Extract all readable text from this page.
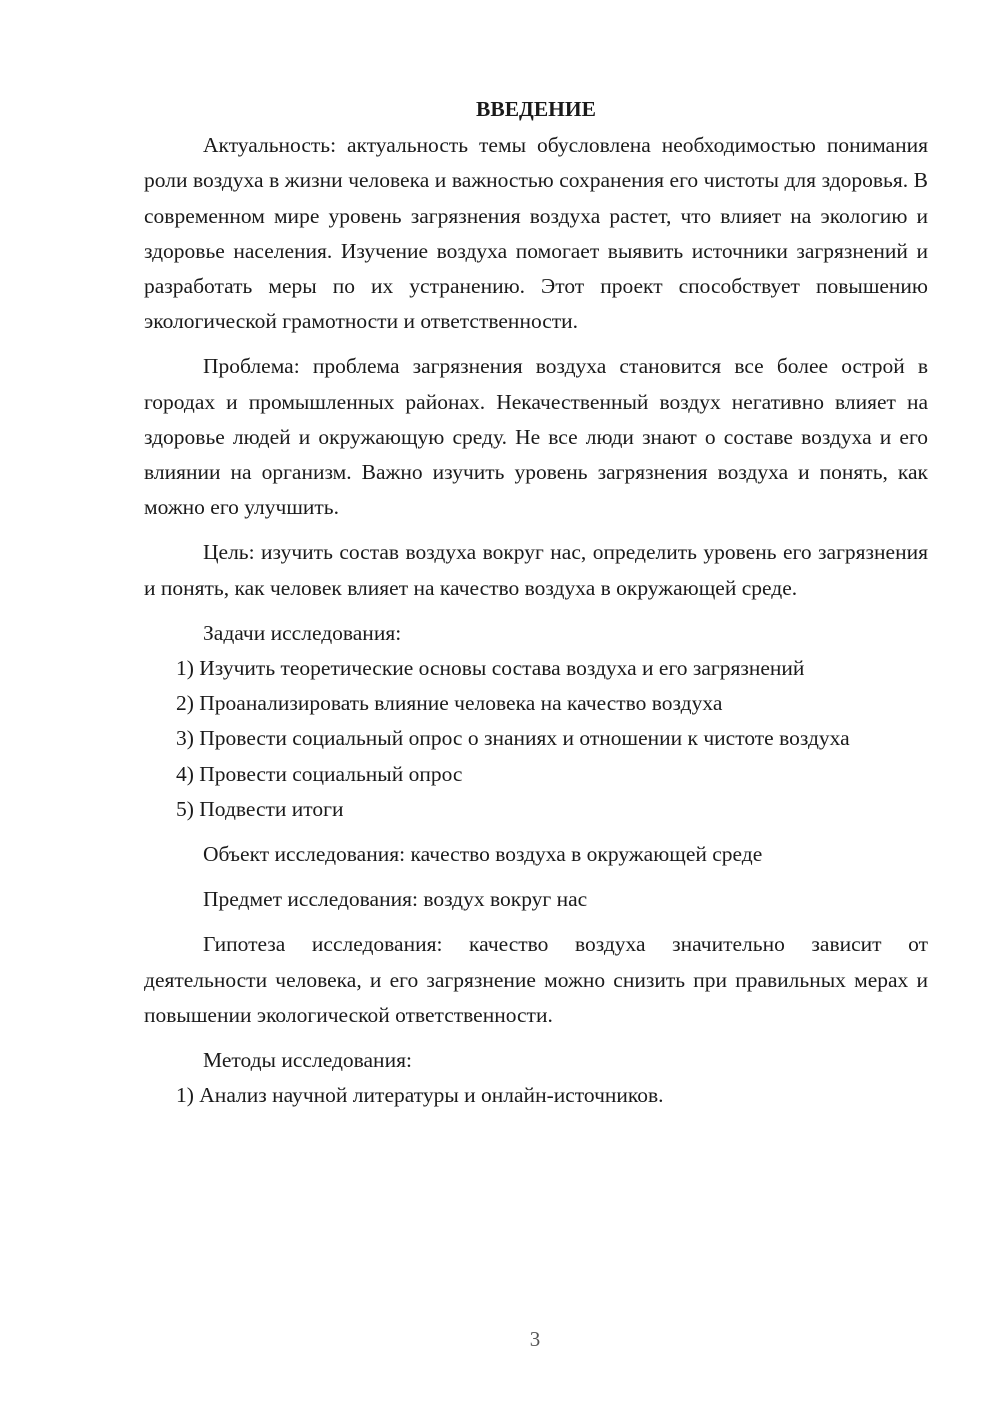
ВВЕДЕНИЕ

Актуальность: актуальность темы обусловлена необходимостью понимания роли воздуха в жизни человека и важностью сохранения его чистоты для здоровья. В современном мире уровень загрязнения воздуха растет, что влияет на экологию и здоровье населения. Изучение воздуха помогает выявить источники загрязнений и разработать меры по их устранению. Этот проект способствует повышению экологической грамотности и ответственности.

Проблема: проблема загрязнения воздуха становится все более острой в городах и промышленных районах. Некачественный воздух негативно влияет на здоровье людей и окружающую среду. Не все люди знают о составе воздуха и его влиянии на организм. Важно изучить уровень загрязнения воздуха и понять, как можно его улучшить.

Цель: изучить состав воздуха вокруг нас, определить уровень его загрязнения и понять, как человек влияет на качество воздуха в окружающей среде.

Задачи исследования:

1) Изучить теоретические основы состава воздуха и его загрязнений

2) Проанализировать влияние человека на качество воздуха

3) Провести социальный опрос о знаниях и отношении к чистоте воздуха

4) Провести социальный опрос

5) Подвести итоги

Объект исследования: качество воздуха в окружающей среде

Предмет исследования: воздух вокруг нас

Гипотеза исследования: качество воздуха значительно зависит от деятельности человека, и его загрязнение можно снизить при правильных мерах и повышении экологической ответственности.

Методы исследования:

1) Анализ научной литературы и онлайн-источников.

3
